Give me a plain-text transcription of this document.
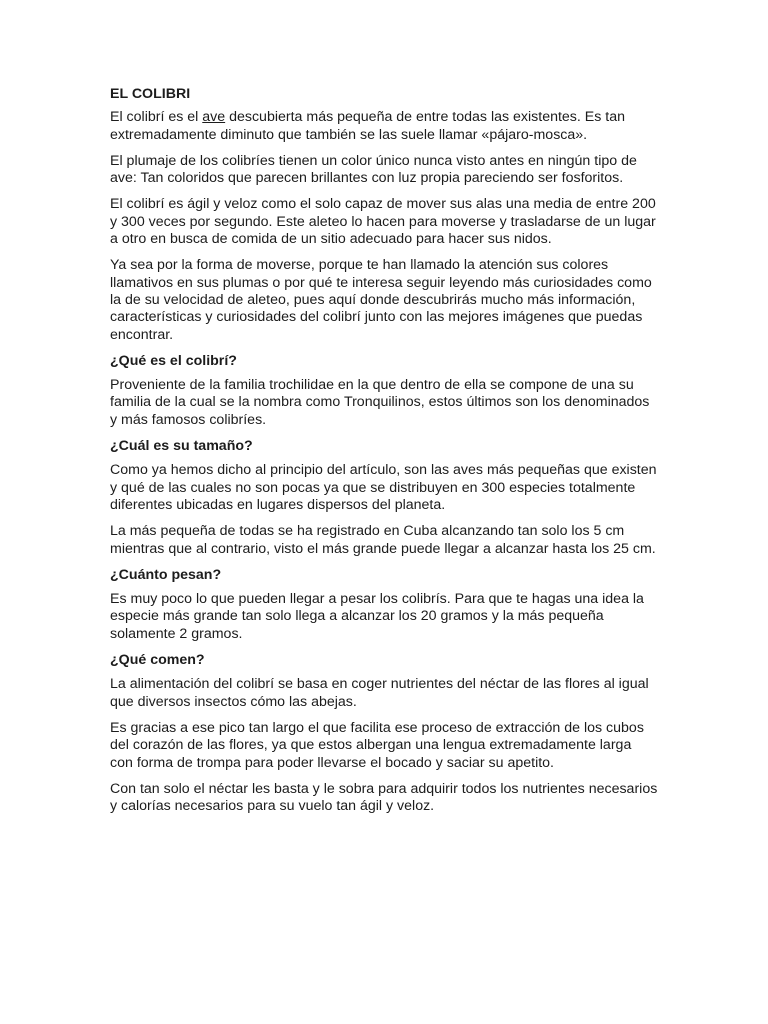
EL COLIBRI

El colibrí es el ave descubierta más pequeña de entre todas las existentes. Es tan extremadamente diminuto que también se las suele llamar «pájaro-mosca».

El plumaje de los colibríes tienen un color único nunca visto antes en ningún tipo de ave: Tan coloridos que parecen brillantes con luz propia pareciendo ser fosforitos.

El colibrí es ágil y veloz como el solo capaz de mover sus alas una media de entre 200 y 300 veces por segundo. Este aleteo lo hacen para moverse y trasladarse de un lugar a otro en busca de comida de un sitio adecuado para hacer sus nidos.

Ya sea por la forma de moverse, porque te han llamado la atención sus colores llamativos en sus plumas o por qué te interesa seguir leyendo más curiosidades como la de su velocidad de aleteo, pues aquí donde descubrirás mucho más información, características y curiosidades del colibrí junto con las mejores imágenes que puedas encontrar.

¿Qué es el colibrí?

Proveniente de la familia trochilidae en la que dentro de ella se compone de una su familia de la cual se la nombra como Tronquilinos, estos últimos son los denominados y más famosos colibríes.

¿Cuál es su tamaño?

Como ya hemos dicho al principio del artículo, son las aves más pequeñas que existen y qué de las cuales no son pocas ya que se distribuyen en 300 especies totalmente diferentes ubicadas en lugares dispersos del planeta.

La más pequeña de todas se ha registrado en Cuba alcanzando tan solo los 5 cm mientras que al contrario, visto el más grande puede llegar a alcanzar hasta los 25 cm.

¿Cuánto pesan?

Es muy poco lo que pueden llegar a pesar los colibrís. Para que te hagas una idea la especie más grande tan solo llega a alcanzar los 20 gramos y la más pequeña solamente 2 gramos.

¿Qué comen?

La alimentación del colibrí se basa en coger nutrientes del néctar de las flores al igual que diversos insectos cómo las abejas.

Es gracias a ese pico tan largo el que facilita ese proceso de extracción de los cubos del corazón de las flores, ya que estos albergan una lengua extremadamente larga con forma de trompa para poder llevarse el bocado y saciar su apetito.

Con tan solo el néctar les basta y le sobra para adquirir todos los nutrientes necesarios y calorías necesarios para su vuelo tan ágil y veloz.
